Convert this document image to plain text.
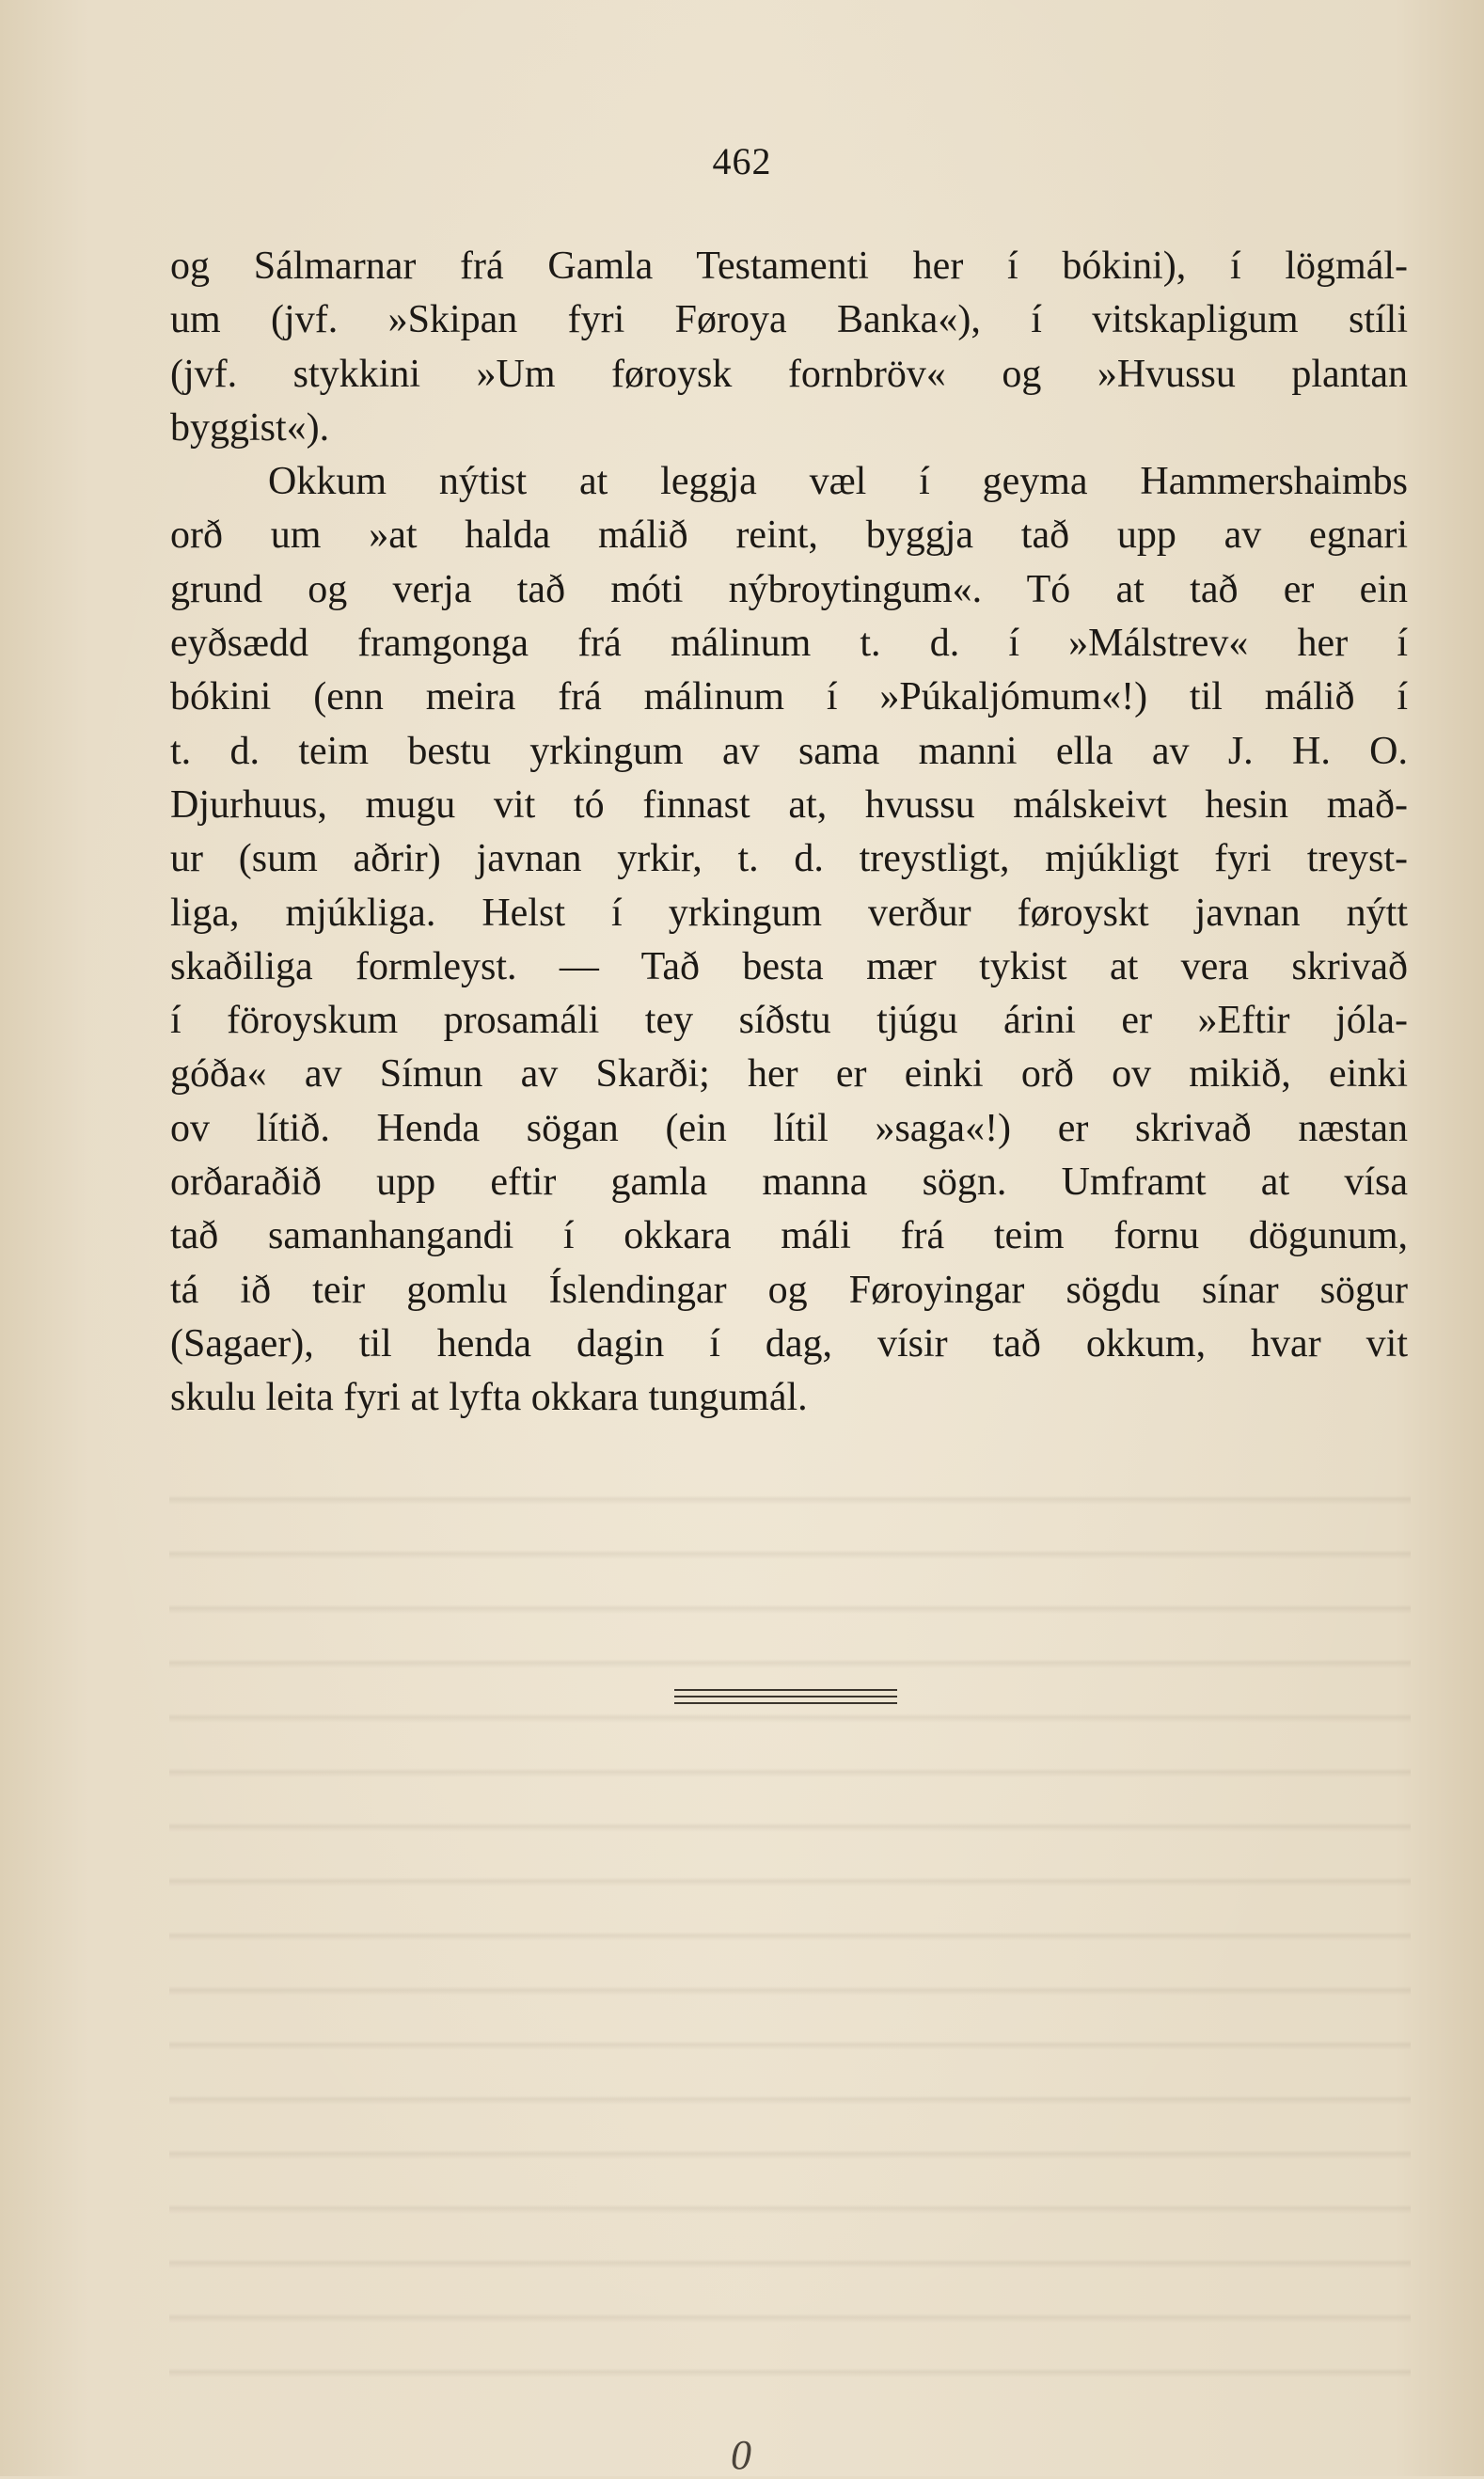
462
og Sálmarnar frá Gamla Testamenti her í bókini), í lögmál-
um (jvf. »Skipan fyri Føroya Banka«), í vitskapligum stíli
(jvf. stykkini »Um føroysk fornbröv« og »Hvussu plantan
byggist«).
Okkum nýtist at leggja væl í geyma Hammershaimbs
orð um »at halda málið reint, byggja tað upp av egnari
grund og verja tað móti nýbroytingum«. Tó at tað er ein
eyðsædd framgonga frá málinum t. d. í »Málstrev« her í
bókini (enn meira frá málinum í »Púkaljómum«!) til málið í
t. d. teim bestu yrkingum av sama manni ella av J. H. O.
Djurhuus, mugu vit tó finnast at, hvussu málskeivt hesin mað-
ur (sum aðrir) javnan yrkir, t. d. treystligt, mjúkligt fyri treyst-
liga, mjúkliga. Helst í yrkingum verður føroyskt javnan nýtt
skaðiliga formleyst. — Tað besta mær tykist at vera skrivað
í föroyskum prosamáli tey síðstu tjúgu árini er »Eftir jóla-
góða« av Símun av Skarði; her er einki orð ov mikið, einki
ov lítið. Henda sögan (ein lítil »saga«!) er skrivað næstan
orðaraðið upp eftir gamla manna sögn. Umframt at vísa
tað samanhangandi í okkara máli frá teim fornu dögunum,
tá ið teir gomlu Íslendingar og Føroyingar sögdu sínar sögur
(Sagaer), til henda dagin í dag, vísir tað okkum, hvar vit
skulu leita fyri at lyfta okkara tungumál.
0
